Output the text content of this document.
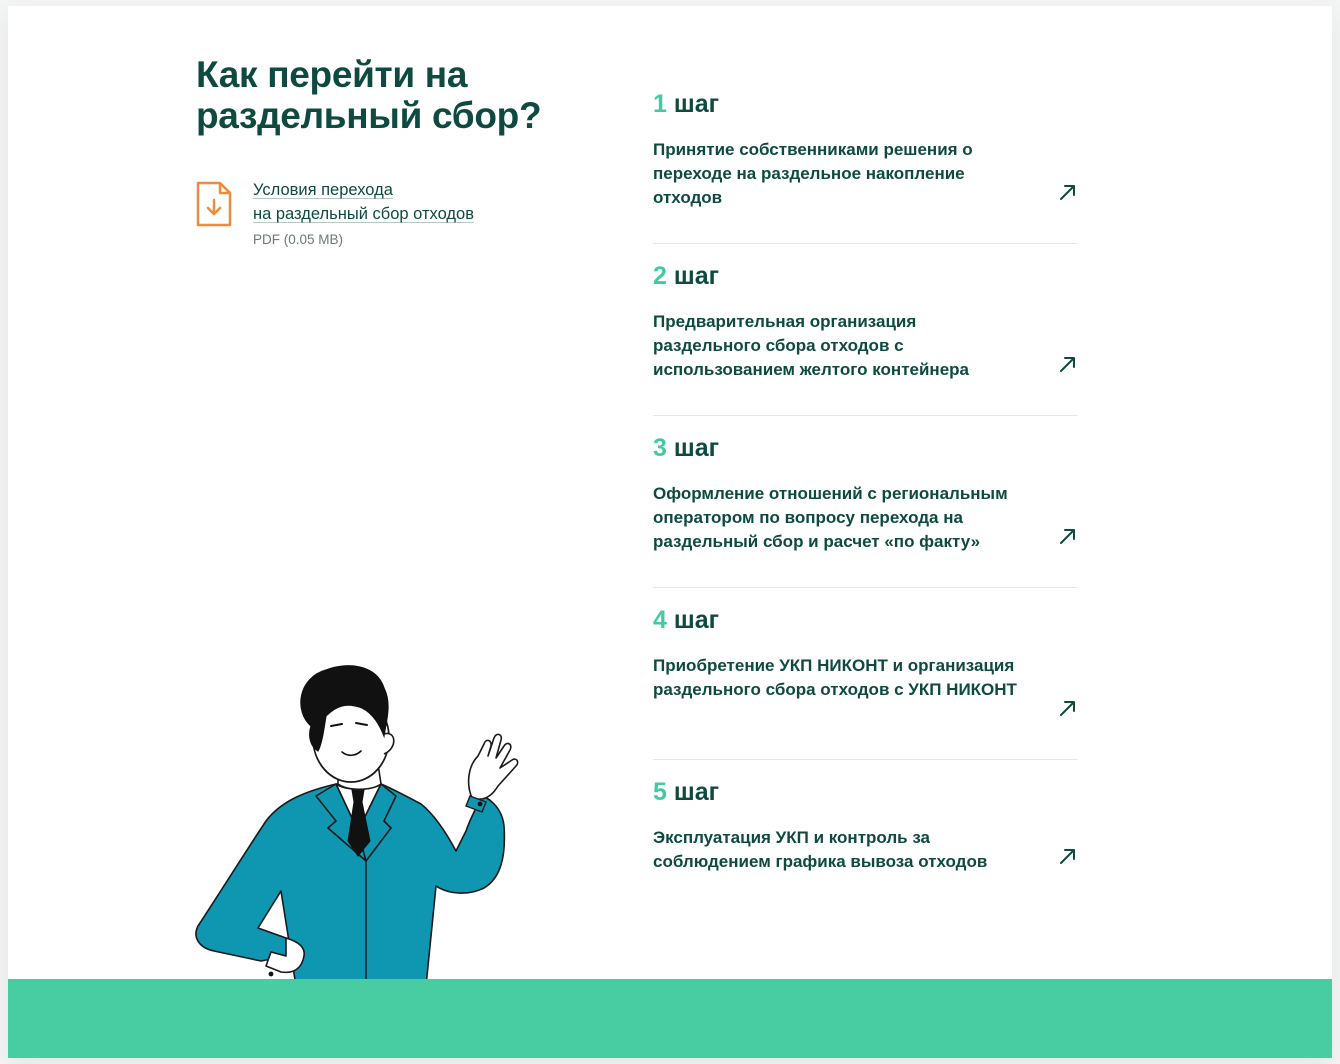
Как перейти на раздельный сбор?
Условия перехода
на раздельный сбор отходов
PDF (0.05 MB)
1 шаг
Принятие собственниками решения о переходе на раздельное накопление отходов
2 шаг
Предварительная организация раздельного сбора отходов с использованием желтого контейнера
3 шаг
Оформление отношений с региональным оператором по вопросу перехода на раздельный сбор и расчет «по факту»
4 шаг
Приобретение УКП НИКОНТ и организация раздельного сбора отходов с УКП НИКОНТ
5 шаг
Эксплуатация УКП и контроль за соблюдением графика вывоза отходов
